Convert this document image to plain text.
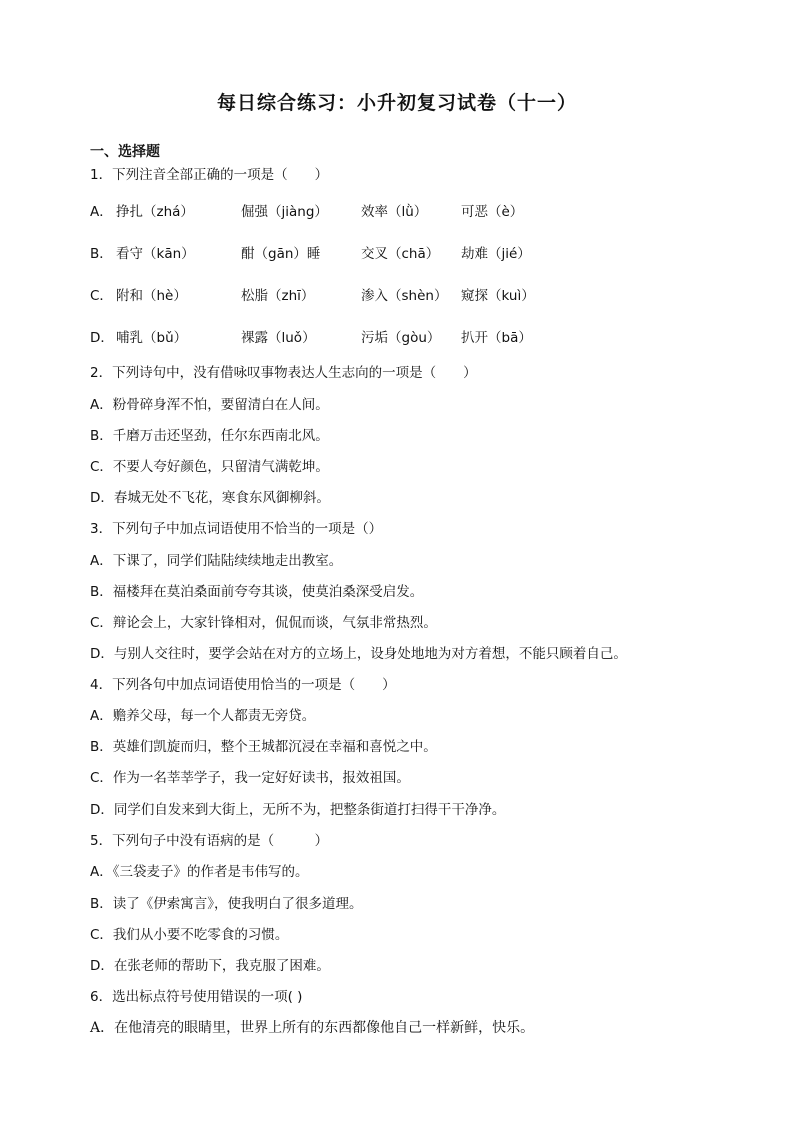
每日综合练习：小升初复习试卷（十一）
一、选择题
1．下列注音全部正确的一项是（　　）
A． 挣扎（zhá）	倔强（jiàng）	效率（lǜ）	可恶（è）
B． 看守（kān）	酣（gān）睡	交叉（chā）	劫难（jié）
C． 附和（hè）	松脂（zhī）	渗入（shèn）	窥探（kuì）
D． 哺乳（bǔ）	裸露（luǒ）	污垢（gòu）	扒开（bā）
2．下列诗句中，没有借咏叹事物表达人生志向的一项是（　　）
A．粉骨碎身浑不怕，要留清白在人间。
B．千磨万击还坚劲，任尔东西南北风。
C．不要人夸好颜色，只留清气满乾坤。
D．春城无处不飞花，寒食东风御柳斜。
3．下列句子中加点词语使用不恰当的一项是（）
A．下课了，同学们陆陆续续地走出教室。
B．福楼拜在莫泊桑面前夸夸其谈，使莫泊桑深受启发。
C．辩论会上，大家针锋相对，侃侃而谈，气氛非常热烈。
D．与别人交往时，要学会站在对方的立场上，设身处地地为对方着想，不能只顾着自己。
4．下列各句中加点词语使用恰当的一项是（　　）
A．赡养父母，每一个人都责无旁贷。
B．英雄们凯旋而归，整个王城都沉浸在幸福和喜悦之中。
C．作为一名莘莘学子，我一定好好读书，报效祖国。
D．同学们自发来到大街上，无所不为，把整条街道打扫得干干净净。
5．下列句子中没有语病的是（　　　）
A．《三袋麦子》的作者是韦伟写的。
B．读了《伊索寓言》，使我明白了很多道理。
C．我们从小要不吃零食的习惯。
D．在张老师的帮助下，我克服了困难。
6．选出标点符号使用错误的一项( )
A．在他清亮的眼睛里，世界上所有的东西都像他自己一样新鲜，快乐。
